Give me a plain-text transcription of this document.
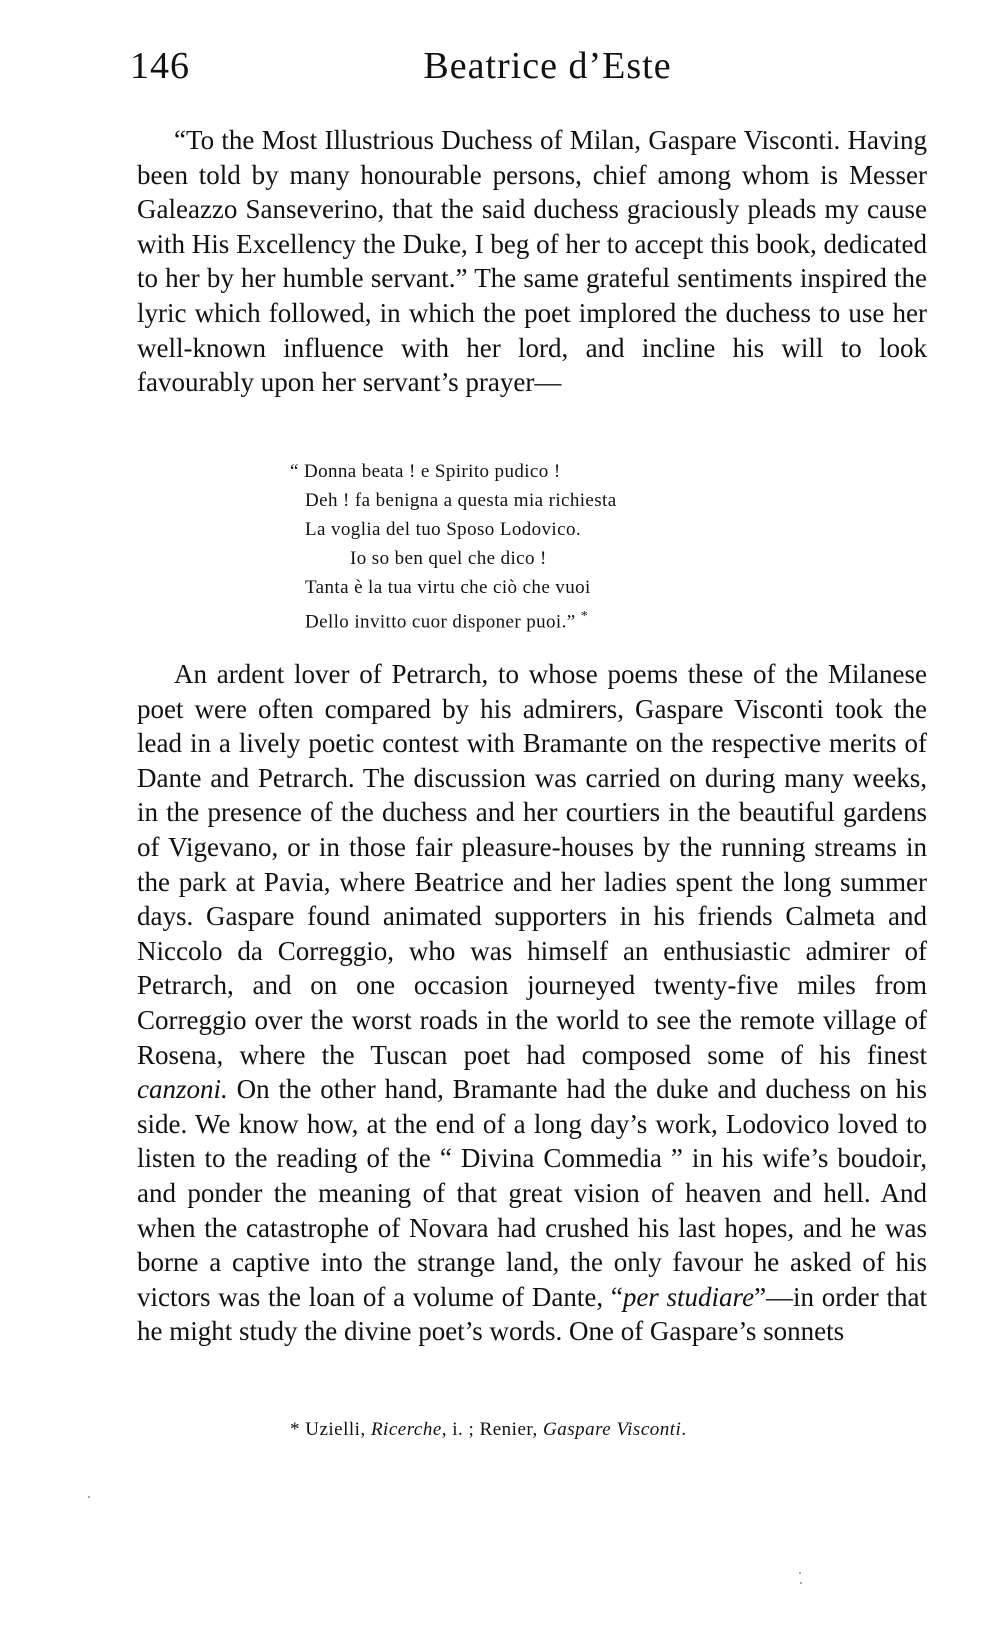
146	Beatrice d’Este

“To the Most Illustrious Duchess of Milan, Gaspare Visconti. Having been told by many honourable persons, chief among whom is Messer Galeazzo Sanseverino, that the said duchess graciously pleads my cause with His Excellency the Duke, I beg of her to accept this book, dedicated to her by her humble servant.” The same grateful sentiments inspired the lyric which followed, in which the poet implored the duchess to use her well-known influence with her lord, and incline his will to look favourably upon her servant’s prayer—

“ Donna beata ! e Spirito pudico !
Deh ! fa benigna a questa mia richiesta
La voglia del tuo Sposo Lodovico.
Io so ben quel che dico !
Tanta è la tua virtu che ciò che vuoi
Dello invitto cuor disponer puoi.” *

An ardent lover of Petrarch, to whose poems these of the Milanese poet were often compared by his admirers, Gaspare Visconti took the lead in a lively poetic contest with Bramante on the respective merits of Dante and Petrarch. The discussion was carried on during many weeks, in the presence of the duchess and her courtiers in the beautiful gardens of Vigevano, or in those fair pleasure-houses by the running streams in the park at Pavia, where Beatrice and her ladies spent the long summer days. Gaspare found animated supporters in his friends Calmeta and Niccolo da Correggio, who was himself an enthusiastic admirer of Petrarch, and on one occasion journeyed twenty-five miles from Correggio over the worst roads in the world to see the remote village of Rosena, where the Tuscan poet had composed some of his finest canzoni. On the other hand, Bramante had the duke and duchess on his side. We know how, at the end of a long day’s work, Lodovico loved to listen to the reading of the “ Divina Commedia ” in his wife’s boudoir, and ponder the meaning of that great vision of heaven and hell. And when the catastrophe of Novara had crushed his last hopes, and he was borne a captive into the strange land, the only favour he asked of his victors was the loan of a volume of Dante, “per studiare”—in order that he might study the divine poet’s words. One of Gaspare’s sonnets

* Uzielli, Ricerche, i. ; Renier, Gaspare Visconti.
